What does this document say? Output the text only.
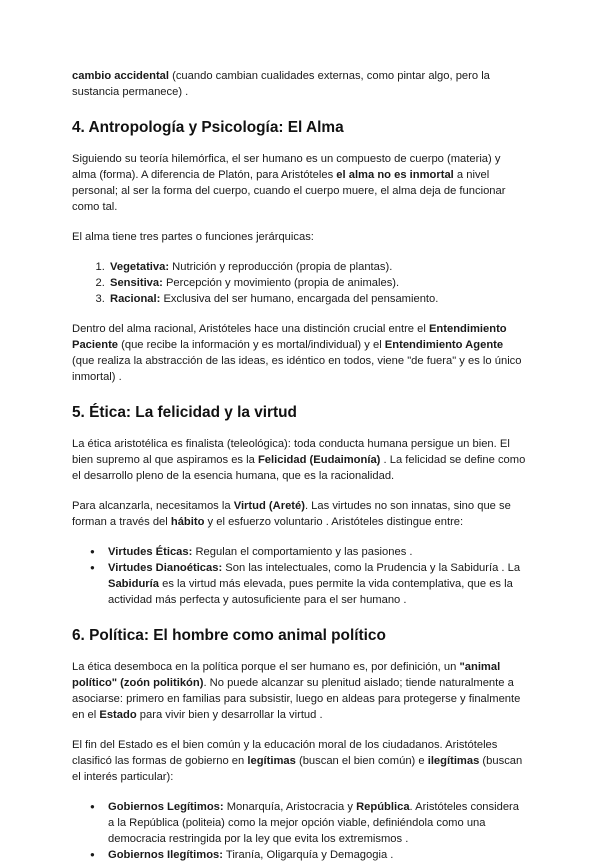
cambio accidental (cuando cambian cualidades externas, como pintar algo, pero la sustancia permanece) .

4. Antropología y Psicología: El Alma

Siguiendo su teoría hilemórfica, el ser humano es un compuesto de cuerpo (materia) y alma (forma). A diferencia de Platón, para Aristóteles el alma no es inmortal a nivel personal; al ser la forma del cuerpo, cuando el cuerpo muere, el alma deja de funcionar como tal.

El alma tiene tres partes o funciones jerárquicas:

1. Vegetativa: Nutrición y reproducción (propia de plantas).
2. Sensitiva: Percepción y movimiento (propia de animales).
3. Racional: Exclusiva del ser humano, encargada del pensamiento.

Dentro del alma racional, Aristóteles hace una distinción crucial entre el Entendimiento Paciente (que recibe la información y es mortal/individual) y el Entendimiento Agente (que realiza la abstracción de las ideas, es idéntico en todos, viene "de fuera" y es lo único inmortal) .

5. Ética: La felicidad y la virtud

La ética aristotélica es finalista (teleológica): toda conducta humana persigue un bien. El bien supremo al que aspiramos es la Felicidad (Eudaimonía) . La felicidad se define como el desarrollo pleno de la esencia humana, que es la racionalidad.

Para alcanzarla, necesitamos la Virtud (Areté). Las virtudes no son innatas, sino que se forman a través del hábito y el esfuerzo voluntario . Aristóteles distingue entre:

● Virtudes Éticas: Regulan el comportamiento y las pasiones .
● Virtudes Dianoéticas: Son las intelectuales, como la Prudencia y la Sabiduría . La Sabiduría es la virtud más elevada, pues permite la vida contemplativa, que es la actividad más perfecta y autosuficiente para el ser humano .
6. Política: El hombre como animal político

La ética desemboca en la política porque el ser humano es, por definición, un "animal político" (zoón politikón). No puede alcanzar su plenitud aislado; tiende naturalmente a asociarse: primero en familias para subsistir, luego en aldeas para protegerse y finalmente en el Estado para vivir bien y desarrollar la virtud .

El fin del Estado es el bien común y la educación moral de los ciudadanos. Aristóteles clasificó las formas de gobierno en legítimas (buscan el bien común) e ilegítimas (buscan el interés particular):

● Gobiernos Legítimos: Monarquía, Aristocracia y República. Aristóteles considera a la República (politeia) como la mejor opción viable, definiéndola como una democracia restringida por la ley que evita los extremismos .
● Gobiernos Ilegítimos: Tiranía, Oligarquía y Demagogia .
